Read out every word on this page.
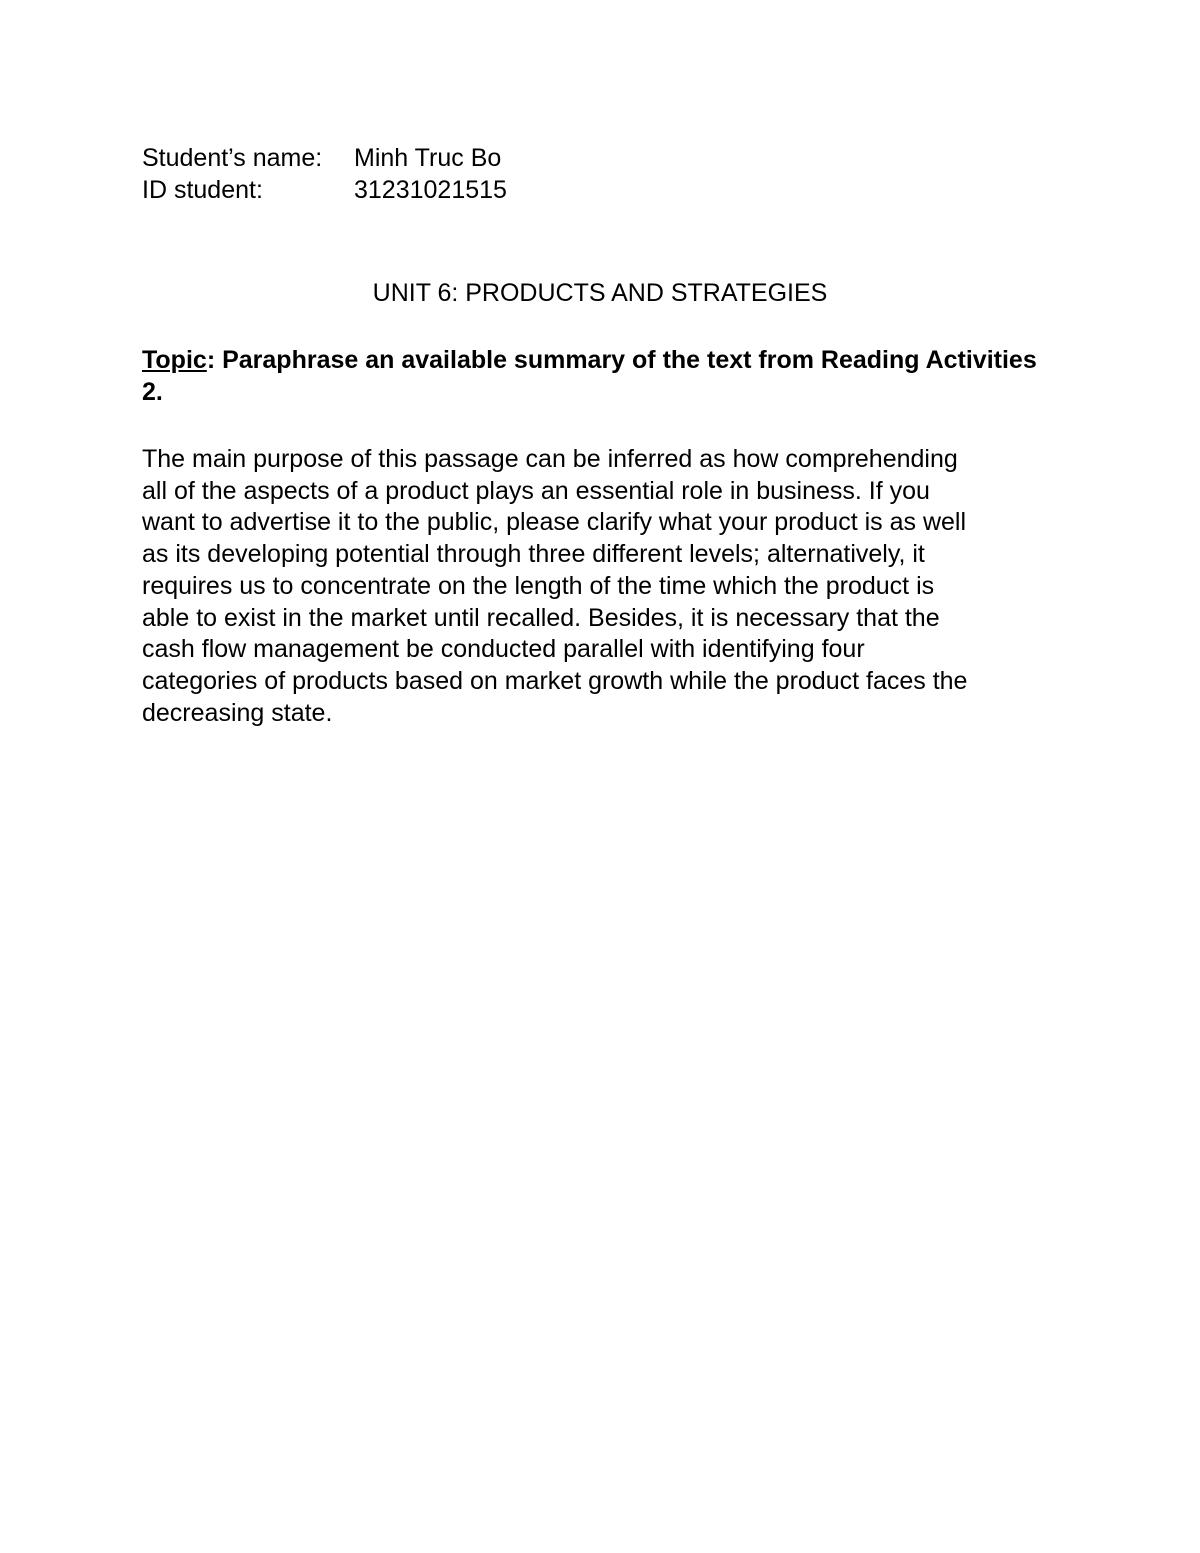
Student’s name: Minh Truc Bo
ID student:	31231021515
UNIT 6: PRODUCTS AND STRATEGIES
Topic: Paraphrase an available summary of the text from Reading Activities 2.
The main purpose of this passage can be inferred as how comprehending
all of the aspects of a product plays an essential role in business. If you
want to advertise it to the public, please clarify what your product is as well
as its developing potential through three different levels; alternatively, it
requires us to concentrate on the length of the time which the product is
able to exist in the market until recalled. Besides, it is necessary that the
cash flow management be conducted parallel with identifying four
categories of products based on market growth while the product faces the
decreasing state.
